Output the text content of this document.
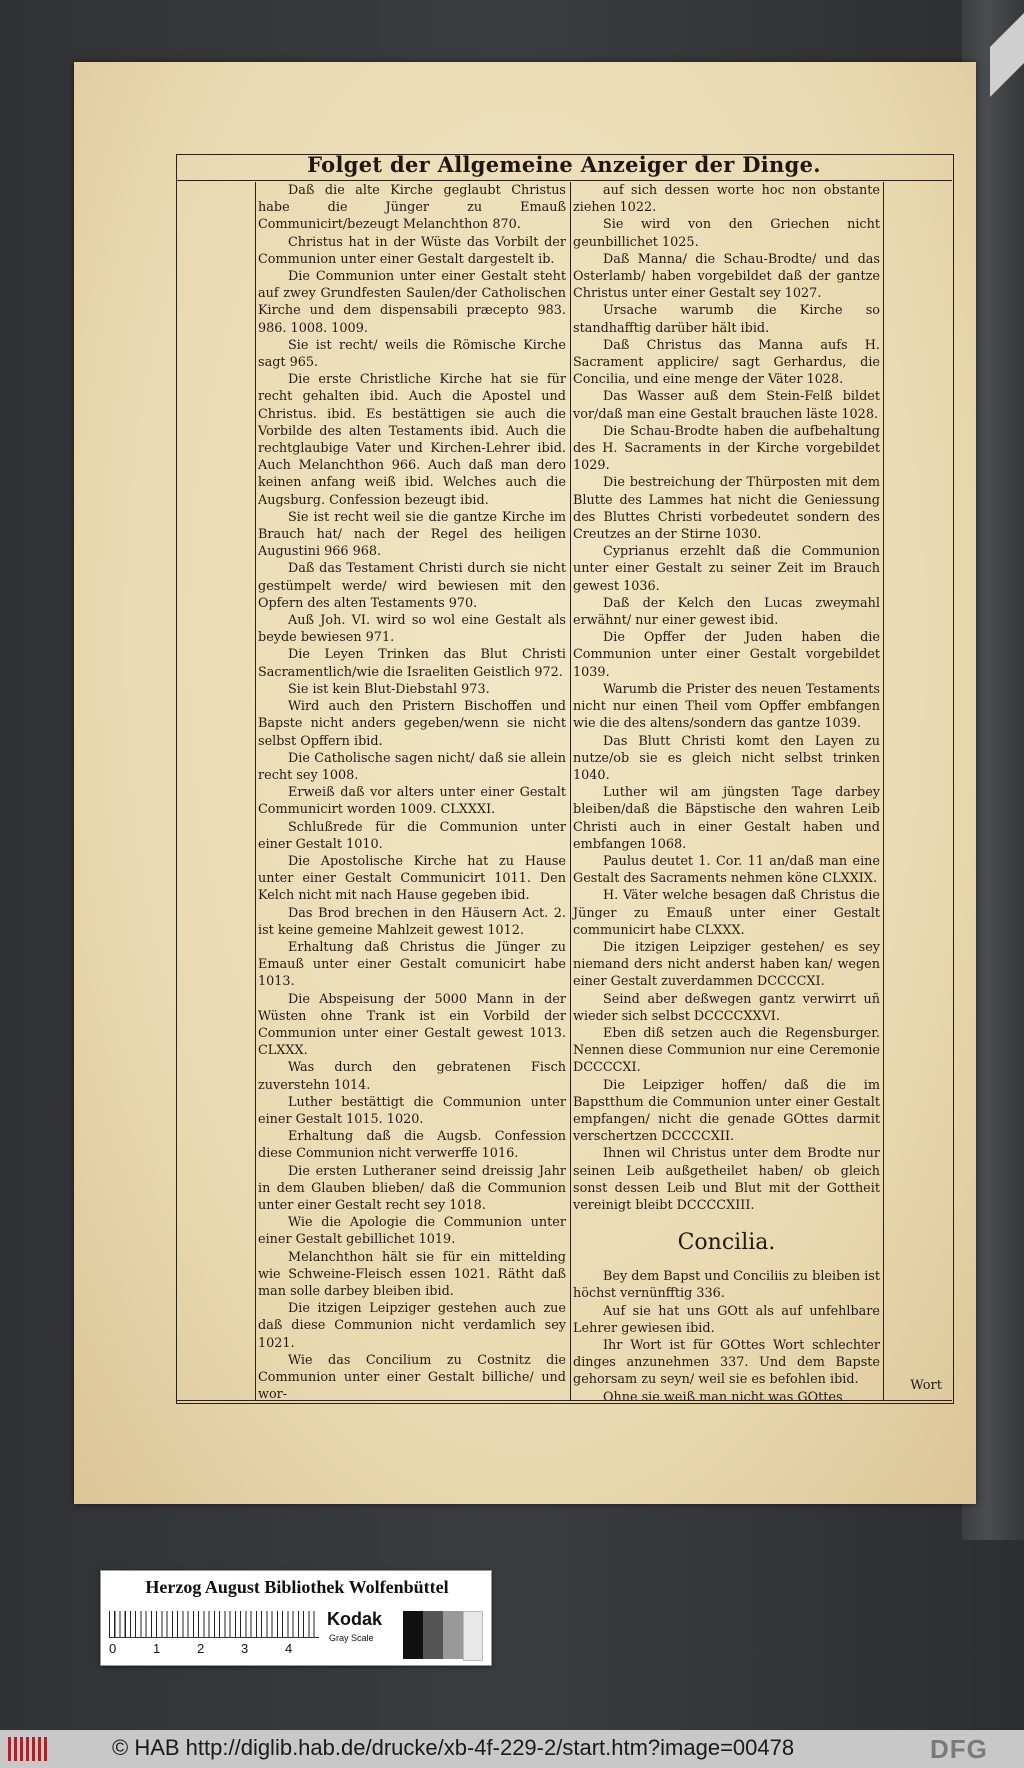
Folget der Allgemeine Anzeiger der Dinge.

Daß die alte Kirche geglaubt Christus habe die Jünger zu Emauß Communicirt/bezeugt Melanchthon 870.

Christus hat in der Wüste das Vorbilt der Communion unter einer Gestalt dargestelt ib.

Die Communion unter einer Gestalt steht auf zwey Grundfesten Saulen/der Catholischen Kirche und dem dispensabili præcepto 983. 986. 1008. 1009.

Sie ist recht/ weils die Römische Kirche sagt 965.

Die erste Christliche Kirche hat sie für recht gehalten ibid. Auch die Apostel und Christus. ibid. Es bestättigen sie auch die Vorbilde des alten Testaments ibid. Auch die rechtglaubige Vater und Kirchen-Lehrer ibid. Auch Melanchthon 966. Auch daß man dero keinen anfang weiß ibid. Welches auch die Augsburg. Confession bezeugt ibid.

Sie ist recht weil sie die gantze Kirche im Brauch hat/ nach der Regel des heiligen Augustini 966 968.

Daß das Testament Christi durch sie nicht gestümpelt werde/ wird bewiesen mit den Opfern des alten Testaments 970.

Auß Joh. VI. wird so wol eine Gestalt als beyde bewiesen 971.

Die Leyen Trinken das Blut Christi Sacramentlich/wie die Israeliten Geistlich 972.

Sie ist kein Blut-Diebstahl 973.

Wird auch den Pristern Bischoffen und Bapste nicht anders gegeben/wenn sie nicht selbst Opffern ibid.

Die Catholische sagen nicht/ daß sie allein recht sey 1008.

Erweiß daß vor alters unter einer Gestalt Communicirt worden 1009. CLXXXI.

Schlußrede für die Communion unter einer Gestalt 1010.

Die Apostolische Kirche hat zu Hause unter einer Gestalt Communicirt 1011. Den Kelch nicht mit nach Hause gegeben ibid.

Das Brod brechen in den Häusern Act. 2. ist keine gemeine Mahlzeit gewest 1012.

Erhaltung daß Christus die Jünger zu Emauß unter einer Gestalt comunicirt habe 1013.

Die Abspeisung der 5000 Mann in der Wüsten ohne Trank ist ein Vorbild der Communion unter einer Gestalt gewest 1013. CLXXX.

Was durch den gebratenen Fisch zuverstehn 1014.

Luther bestättigt die Communion unter einer Gestalt 1015. 1020.

Erhaltung daß die Augsb. Confession diese Communion nicht verwerffe 1016.

Die ersten Lutheraner seind dreissig Jahr in dem Glauben blieben/ daß die Communion unter einer Gestalt recht sey 1018.

Wie die Apologie die Communion unter einer Gestalt gebillichet 1019.

Melanchthon hält sie für ein mittelding wie Schweine-Fleisch essen 1021. Rätht daß man solle darbey bleiben ibid.

Die itzigen Leipziger gestehen auch zue daß diese Communion nicht verdamlich sey 1021.

Wie das Concilium zu Costnitz die Communion unter einer Gestalt billiche/ und wor-

auf sich dessen worte hoc non obstante ziehen 1022.

Sie wird von den Griechen nicht geunbillichet 1025.

Daß Manna/ die Schau-Brodte/ und das Osterlamb/ haben vorgebildet daß der gantze Christus unter einer Gestalt sey 1027.

Ursache warumb die Kirche so standhafftig darüber hält ibid.

Daß Christus das Manna aufs H. Sacrament applicire/ sagt Gerhardus, die Concilia, und eine menge der Väter 1028.

Das Wasser auß dem Stein-Felß bildet vor/daß man eine Gestalt brauchen läste 1028.

Die Schau-Brodte haben die aufbehaltung des H. Sacraments in der Kirche vorgebildet 1029.

Die bestreichung der Thürposten mit dem Blutte des Lammes hat nicht die Geniessung des Bluttes Christi vorbedeutet sondern des Creutzes an der Stirne 1030.

Cyprianus erzehlt daß die Communion unter einer Gestalt zu seiner Zeit im Brauch gewest 1036.

Daß der Kelch den Lucas zweymahl erwähnt/ nur einer gewest ibid.

Die Opffer der Juden haben die Communion unter einer Gestalt vorgebildet 1039.

Warumb die Prister des neuen Testaments nicht nur einen Theil vom Opffer embfangen wie die des altens/sondern das gantze 1039.

Das Blutt Christi komt den Layen zu nutze/ob sie es gleich nicht selbst trinken 1040.

Luther wil am jüngsten Tage darbey bleiben/daß die Bäpstische den wahren Leib Christi auch in einer Gestalt haben und embfangen 1068.

Paulus deutet 1. Cor. 11 an/daß man eine Gestalt des Sacraments nehmen köne CLXXIX.

H. Väter welche besagen daß Christus die Jünger zu Emauß unter einer Gestalt communicirt habe CLXXX.

Die itzigen Leipziger gestehen/ es sey niemand ders nicht anderst haben kan/ wegen einer Gestalt zuverdammen DCCCCXI.

Seind aber deßwegen gantz verwirrt uñ wieder sich selbst DCCCCXXVI.

Eben diß setzen auch die Regensburger. Nennen diese Communion nur eine Ceremonie DCCCCXI.

Die Leipziger hoffen/ daß die im Bapstthum die Communion unter einer Gestalt empfangen/ nicht die genade GOttes darmit verschertzen DCCCCXII.

Ihnen wil Christus unter dem Brodte nur seinen Leib außgetheilet haben/ ob gleich sonst dessen Leib und Blut mit der Gottheit vereinigt bleibt DCCCCXIII.

Concilia.

Bey dem Bapst und Conciliis zu bleiben ist höchst vernünfftig 336.

Auf sie hat uns GOtt als auf unfehlbare Lehrer gewiesen ibid.

Ihr Wort ist für GOttes Wort schlechter dinges anzunehmen 337. Und dem Bapste gehorsam zu seyn/ weil sie es befohlen ibid.

Ohne sie weiß man nicht was GOttes

Wort
Herzog August Bibliothek Wolfenbüttel
0	1	2	3	4
Kodak
Gray Scale
© HAB http://diglib.hab.de/drucke/xb-4f-229-2/start.htm?image=00478	DFG
